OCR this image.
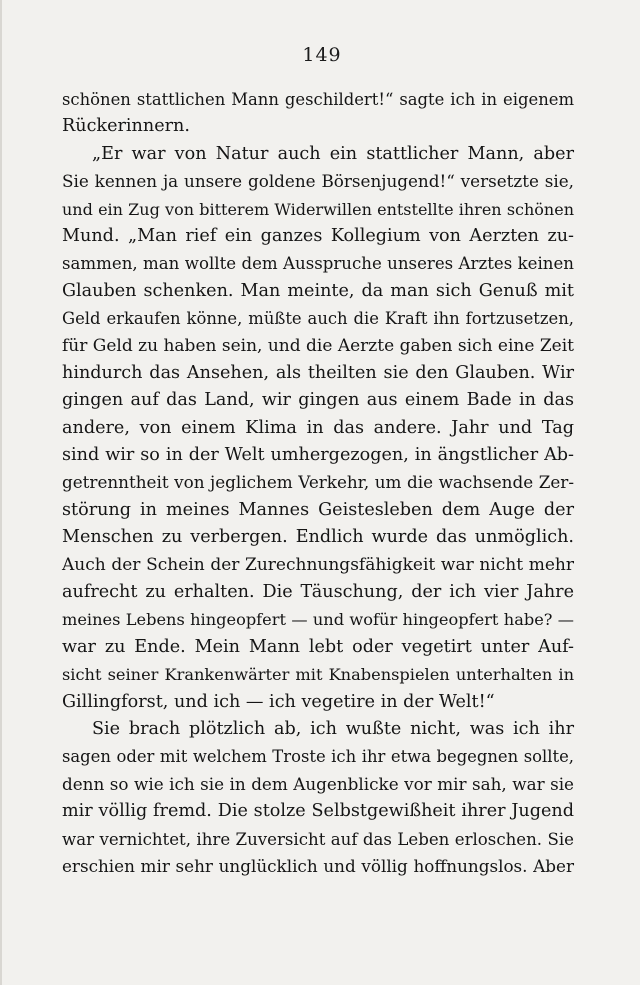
149
schönen stattlichen Mann geschildert!“ sagte ich in eigenem
Rückerinnern.
„Er war von Natur auch ein stattlicher Mann, aber
Sie kennen ja unsere goldene Börsenjugend!“ versetzte sie,
und ein Zug von bitterem Widerwillen entstellte ihren schönen
Mund. „Man rief ein ganzes Kollegium von Aerzten zu-
sammen, man wollte dem Ausspruche unseres Arztes keinen
Glauben schenken. Man meinte, da man sich Genuß mit
Geld erkaufen könne, müßte auch die Kraft ihn fortzusetzen,
für Geld zu haben sein, und die Aerzte gaben sich eine Zeit
hindurch das Ansehen, als theilten sie den Glauben. Wir
gingen auf das Land, wir gingen aus einem Bade in das
andere, von einem Klima in das andere. Jahr und Tag
sind wir so in der Welt umhergezogen, in ängstlicher Ab-
getrenntheit von jeglichem Verkehr, um die wachsende Zer-
störung in meines Mannes Geistesleben dem Auge der
Menschen zu verbergen. Endlich wurde das unmöglich.
Auch der Schein der Zurechnungsfähigkeit war nicht mehr
aufrecht zu erhalten. Die Täuschung, der ich vier Jahre
meines Lebens hingeopfert — und wofür hingeopfert habe? —
war zu Ende. Mein Mann lebt oder vegetirt unter Auf-
sicht seiner Krankenwärter mit Knabenspielen unterhalten in
Gillingforst, und ich — ich vegetire in der Welt!“
Sie brach plötzlich ab, ich wußte nicht, was ich ihr
sagen oder mit welchem Troste ich ihr etwa begegnen sollte,
denn so wie ich sie in dem Augenblicke vor mir sah, war sie
mir völlig fremd. Die stolze Selbstgewißheit ihrer Jugend
war vernichtet, ihre Zuversicht auf das Leben erloschen. Sie
erschien mir sehr unglücklich und völlig hoffnungslos. Aber
